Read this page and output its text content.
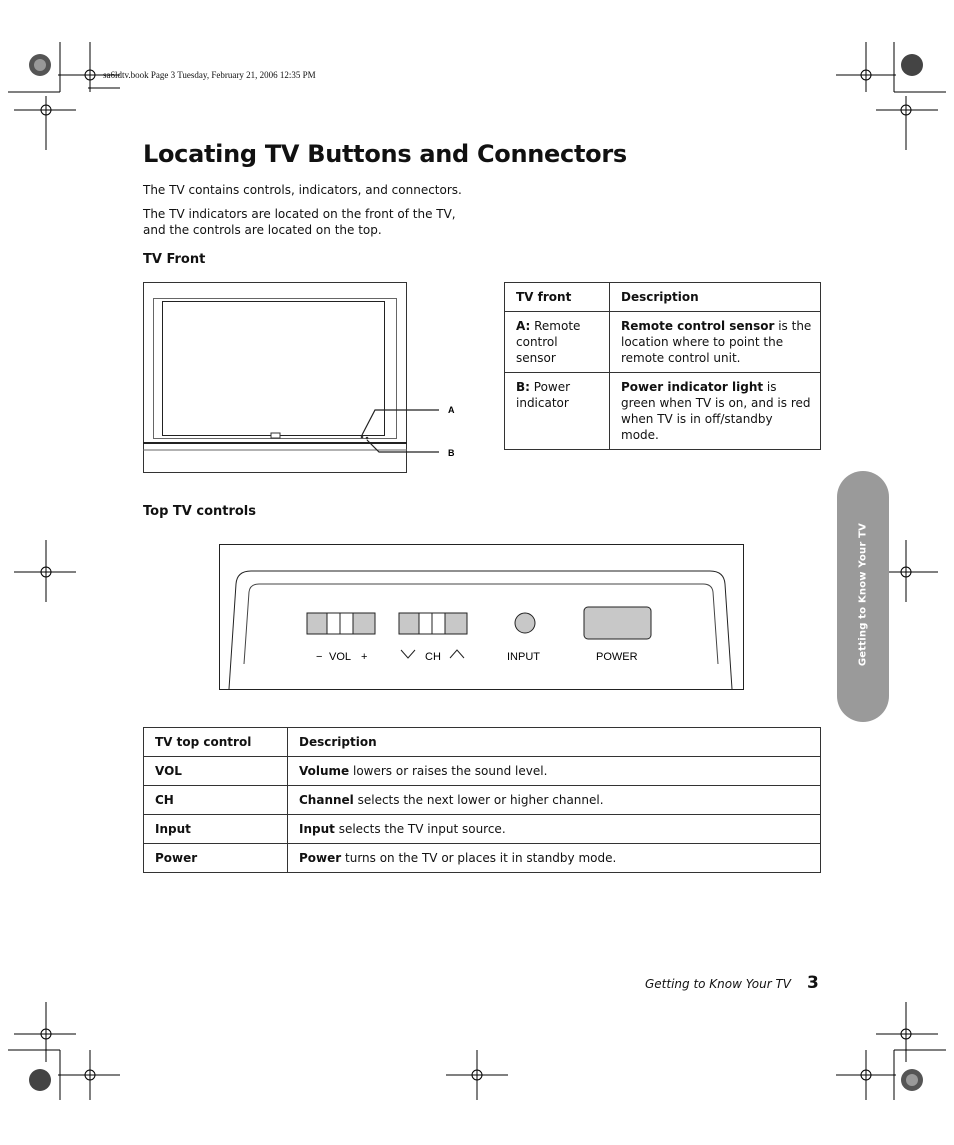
sa6ldtv.book Page 3 Tuesday, February 21, 2006 12:35 PM
Locating TV Buttons and Connectors

The TV contains controls, indicators, and connectors.

The TV indicators are located on the front of the TV, and the controls are located on the top.

TV Front
A
B
TV front	Description
A: Remote control sensor	Remote control sensor is the location where to point the remote control unit.
B: Power indicator	Power indicator light is green when TV is on, and is red when TV is in off/standby mode.
Top TV controls
− VOL +	CH	INPUT	POWER
TV top control	Description
VOL	Volume lowers or raises the sound level.
CH	Channel selects the next lower or higher channel.
Input	Input selects the TV input source.
Power	Power turns on the TV or places it in standby mode.
Getting to Know Your TV
Getting to Know Your TV 3
